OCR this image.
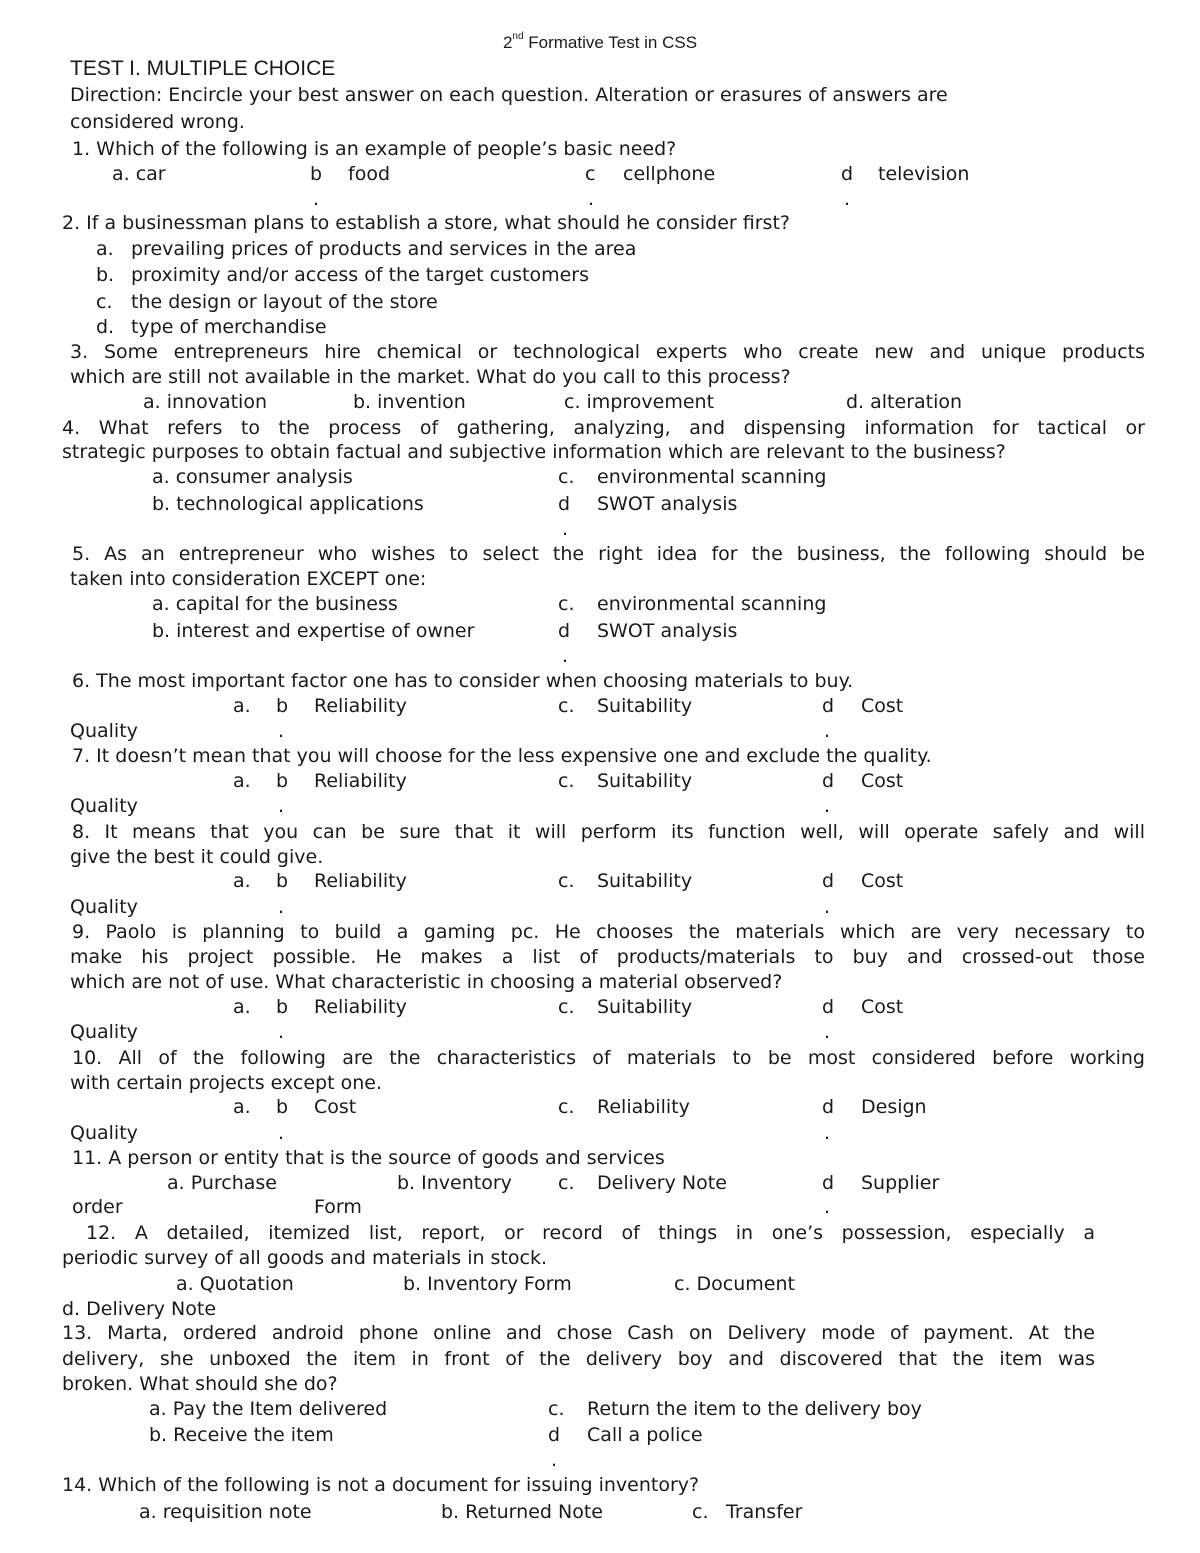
2nd Formative Test in CSS
TEST I. MULTIPLE CHOICE
Direction: Encircle your best answer on each question. Alteration or erasures of answers are
considered wrong.
1. Which of the following is an example of people’s basic need?
a. car	b food	c cellphone	d television
.	.	.
2. If a businessman plans to establish a store, what should he consider first?
a. prevailing prices of products and services in the area
b. proximity and/or access of the target customers
c. the design or layout of the store
d. type of merchandise
3. Some entrepreneurs hire chemical or technological experts who create new and unique products
which are still not available in the market. What do you call to this process?
a. innovation	b. invention	c. improvement	d. alteration
4. What refers to the process of gathering, analyzing, and dispensing information for tactical or
strategic purposes to obtain factual and subjective information which are relevant to the business?
a. consumer analysis	c. environmental scanning
b. technological applications	d SWOT analysis
.
5. As an entrepreneur who wishes to select the right idea for the business, the following should be
taken into consideration EXCEPT one:
a. capital for the business	c. environmental scanning
b. interest and expertise of owner	d SWOT analysis
.
6. The most important factor one has to consider when choosing materials to buy.
a. b Reliability	c. Suitability	d Cost
Quality	.	.
7. It doesn’t mean that you will choose for the less expensive one and exclude the quality.
a. b Reliability	c. Suitability	d Cost
Quality	.	.
8. It means that you can be sure that it will perform its function well, will operate safely and will
give the best it could give.
a. b Reliability	c. Suitability	d Cost
Quality	.	.
9. Paolo is planning to build a gaming pc. He chooses the materials which are very necessary to
make his project possible. He makes a list of products/materials to buy and crossed-out those
which are not of use. What characteristic in choosing a material observed?
a. b Reliability	c. Suitability	d Cost
Quality	.	.
10. All of the following are the characteristics of materials to be most considered before working
with certain projects except one.
a. b Cost	c. Reliability	d Design
Quality	.	.
11. A person or entity that is the source of goods and services
a. Purchase	b. Inventory c. Delivery Note	d Supplier
order	Form	.
12. A detailed, itemized list, report, or record of things in one’s possession, especially a
periodic survey of all goods and materials in stock.
a. Quotation	b. Inventory Form	c. Document
d. Delivery Note
13. Marta, ordered android phone online and chose Cash on Delivery mode of payment. At the
delivery, she unboxed the item in front of the delivery boy and discovered that the item was
broken. What should she do?
a. Pay the Item delivered	c. Return the item to the delivery boy
b. Receive the item	d Call a police
.
14. Which of the following is not a document for issuing inventory?
a. requisition note	b. Returned Note	c. Transfer
